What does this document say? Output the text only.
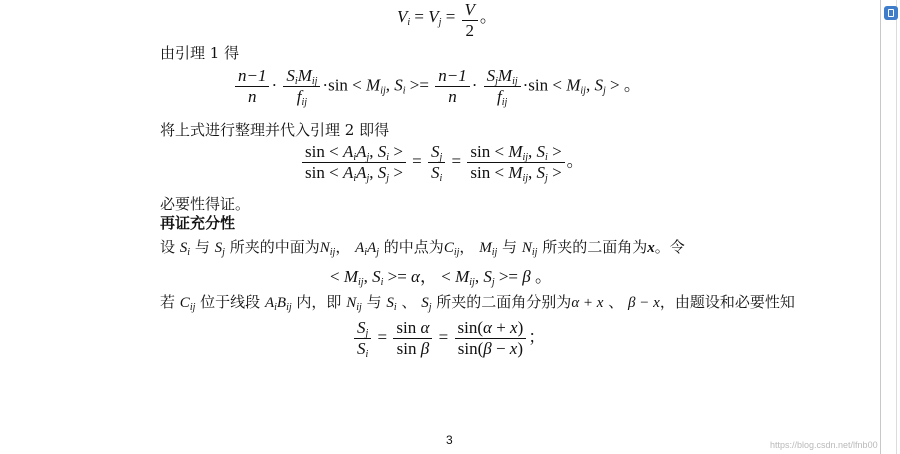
$V_i = V_j = \frac{V}{2}$ 。
由引理 1 得
$\frac{n-1}{n} \cdot \frac{S_iM_{ij}}{f_{ij}} \cdot\sin < M_{ij}$, $S_i >= \frac{n-1}{n} \cdot \frac{S_jM_{ij}}{f_{ij}} \cdot\sin < M_{ij}$, $S_j$ > 。
将上式进行整理并代入引理 2 即得
$\frac{\sin < A_iA_j, S_i >}{\sin < A_iA_j, S_j >} = \frac{S_j}{S_i} = \frac{\sin < M_{ij}, S_i >}{\sin < M_{ij}, S_j >}$ 。
必要性得证。
再证充分性
设 $S_i$ 与 $S_j$ 所夹的中面为$N_{ij}$， $A_iA_j$ 的中点为$C_{ij}$， $M_{ij}$ 与 $N_{ij}$ 所夹的二面角为x。令
< $M_{ij}$, $S_i >= \alpha$， < $M_{ij}$, $S_j >= \beta$ 。
若 $C_{ij}$ 位于线段 $A_iB_{ij}$ 内，即 $N_{ij}$ 与 $S_i$ 、 $S_j$ 所夹的二面角分别为α + x 、 β − x，由题设和必要性知
$\frac{S_j}{S_i} = \frac{\text{sin α}}{\text{sin β}} = \frac{\sin(\alpha + x)}{\sin(\beta - x)}$ ；
3	https://blog.csdn.net/lfnb00
